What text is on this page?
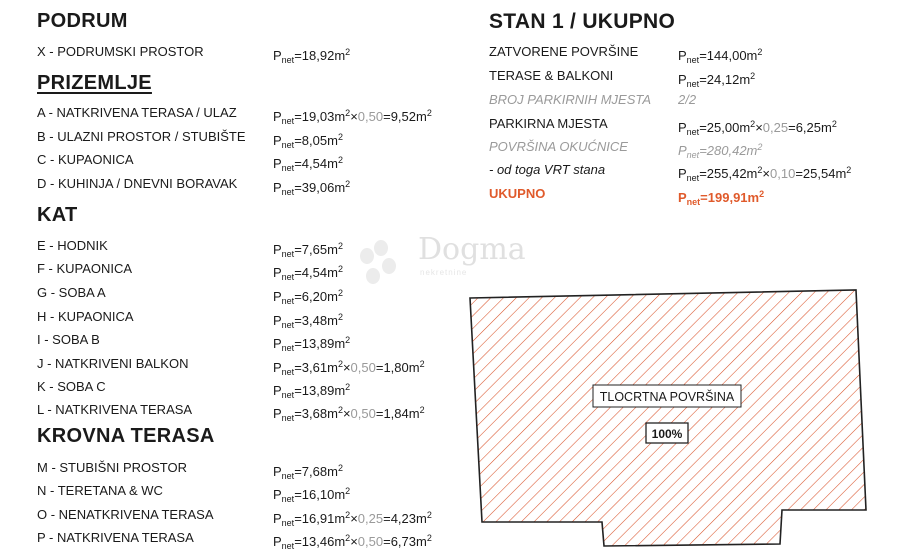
Dogma
nekretnine
PODRUM
X - PODRUMSKI PROSTOR	$P_{net}=18,92m^2$
PRIZEMLJE
A - NATKRIVENA TERASA / ULAZ	$P_{net}=19,03m^2\times 0,50=9,52m^2$
B - ULAZNI PROSTOR / STUBIŠTE $P_{net}=8,05m^2$
C - KUPAONICA	$P_{net}=4,54m^2$
D - KUHINJA / DNEVNI BORAVAK	$P_{net}=39,06m^2$
KAT
E - HODNIK	$P_{net}=7,65m^2$
F - KUPAONICA	$P_{net}=4,54m^2$
G - SOBA A	$P_{net}=6,20m^2$
H - KUPAONICA	$P_{net}=3,48m^2$
I - SOBA B	$P_{net}=13,89m^2$
J - NATKRIVENI BALKON	$P_{net}=3,61m^2\times 0,50=1,80m^2$
K - SOBA C	$P_{net}=13,89m^2$
L - NATKRIVENA TERASA	$P_{net}=3,68m^2\times 0,50=1,84m^2$
KROVNA TERASA
M - STUBIŠNI PROSTOR	$P_{net}=7,68m^2$
N - TERETANA & WC	$P_{net}=16,10m^2$
O - NENATKRIVENA TERASA	$P_{net}=16,91m^2\times 0,25=4,23m^2$
P - NATKRIVENA TERASA	$P_{net}=13,46m^2\times 0,50=6,73m^2$
STAN 1 / UKUPNO
ZATVORENE POVRŠINE	$P_{net}=144,00m^2$
TERASE & BALKONI	$P_{net}=24,12m^2$
BROJ PARKIRNIH MJESTA 2/2
PARKIRNA MJESTA	$P_{net}=25,00m^2\times 0,25=6,25m^2$
POVRŠINA OKUĆNICE	$P_{net}=280,42m^2$
- od toga VRT stana	$P_{net}=255,42m^2\times 0,10=25,54m^2$
UKUPNO	$P_{net}=199,91m^2$
TLOCRTNA POVRŠINA
100%
